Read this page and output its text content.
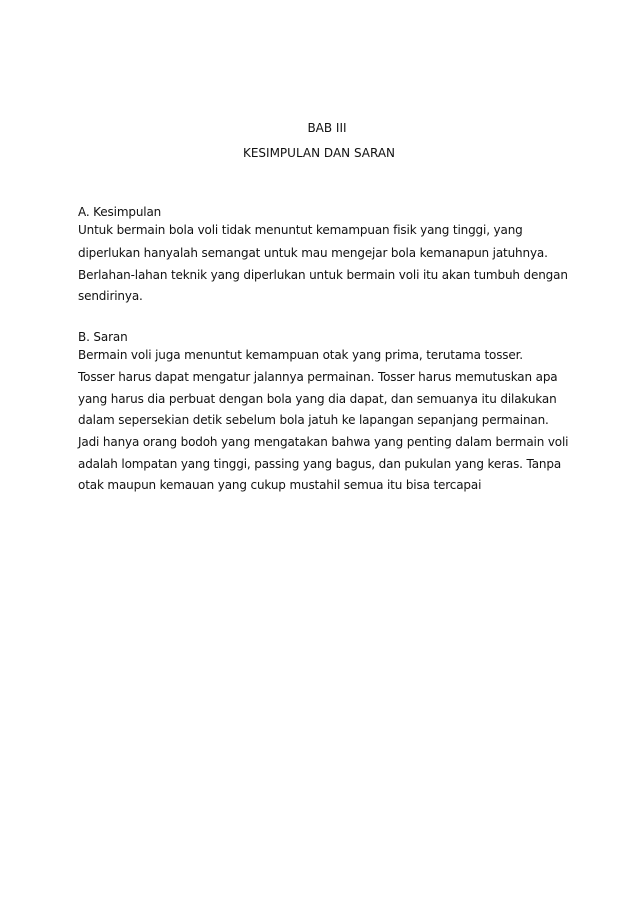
BAB III
KESIMPULAN DAN SARAN
A. Kesimpulan
Untuk bermain bola voli tidak menuntut kemampuan fisik yang tinggi, yang
diperlukan hanyalah semangat untuk mau mengejar bola kemanapun jatuhnya.
Berlahan-lahan teknik yang diperlukan untuk bermain voli itu akan tumbuh dengan
sendirinya.
B. Saran
Bermain voli juga menuntut kemampuan otak yang prima, terutama tosser.
Tosser harus dapat mengatur jalannya permainan. Tosser harus memutuskan apa
yang harus dia perbuat dengan bola yang dia dapat, dan semuanya itu dilakukan
dalam sepersekian detik sebelum bola jatuh ke lapangan sepanjang permainan.
Jadi hanya orang bodoh yang mengatakan bahwa yang penting dalam bermain voli
adalah lompatan yang tinggi, passing yang bagus, dan pukulan yang keras. Tanpa
otak maupun kemauan yang cukup mustahil semua itu bisa tercapai
